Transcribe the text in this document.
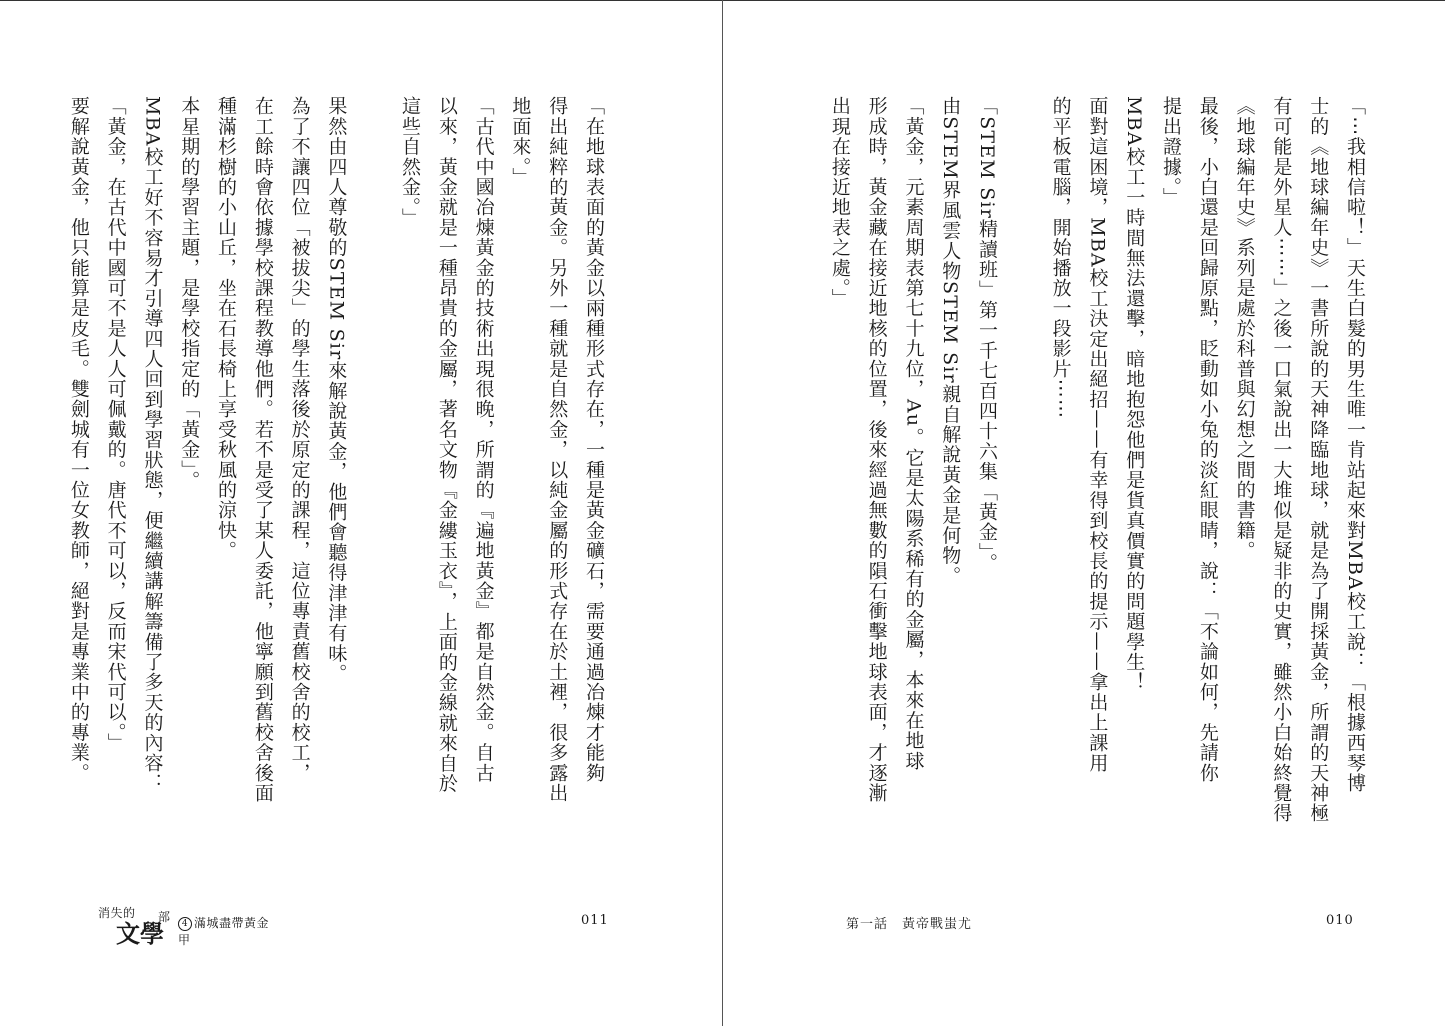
「⋯我相信啦！」天生白髮的男生唯一肯站起來對MBA校工說：「根據西琴博

士的《地球編年史》一書所說的天神降臨地球，就是為了開採黃金，所謂的天神極

有可能是外星人⋯⋯」之後一口氣說出一大堆似是疑非的史實，雖然小白始終覺得

《地球編年史》系列是處於科普與幻想之間的書籍。

最後，小白還是回歸原點，眨動如小兔的淡紅眼睛，說：「不論如何，先請你

提出證據。」

MBA校工一時間無法還擊，暗地抱怨他們是貨真價實的問題學生！

面對這困境，MBA校工決定出絕招——有幸得到校長的提示——拿出上課用

的平板電腦，開始播放一段影片⋯⋯

「STEM Sir精讀班」第一千七百四十六集「黃金」。

由STEM界風雲人物STEM Sir親自解說黃金是何物。

「黃金，元素周期表第七十九位，Au。它是太陽系稀有的金屬，本來在地球

形成時，黃金藏在接近地核的位置，後來經過無數的隕石衝擊地球表面，才逐漸

出現在接近地表之處。」

第一話　黃帝戰蚩尤	010

「在地球表面的黃金以兩種形式存在，一種是黃金礦石，需要通過冶煉才能夠

得出純粹的黃金。另外一種就是自然金，以純金屬的形式存在於土裡，很多露出

地面來。」

「古代中國冶煉黃金的技術出現很晚，所謂的『遍地黃金』都是自然金。自古

以來，黃金就是一種昂貴的金屬，著名文物『金縷玉衣』，上面的金線就來自於

這些自然金。」

果然由四人尊敬的STEM Sir來解說黃金，他們會聽得津津有味。

為了不讓四位「被拔尖」的學生落後於原定的課程，這位專責舊校舍的校工，

在工餘時會依據學校課程教導他們。若不是受了某人委託，他寧願到舊校舍後面

種滿杉樹的小山丘，坐在石長椅上享受秋風的涼快。

本星期的學習主題，是學校指定的「黃金」。

MBA校工好不容易才引導四人回到學習狀態，便繼續講解籌備了多天的內容：

「黃金，在古代中國可不是人人可佩戴的。唐代不可以，反而宋代可以。」

要解說黃金，他只能算是皮毛。雙劍城有一位女教師，絕對是專業中的專業。

消失的
文學
部	4 滿城盡帶黃金甲
011
